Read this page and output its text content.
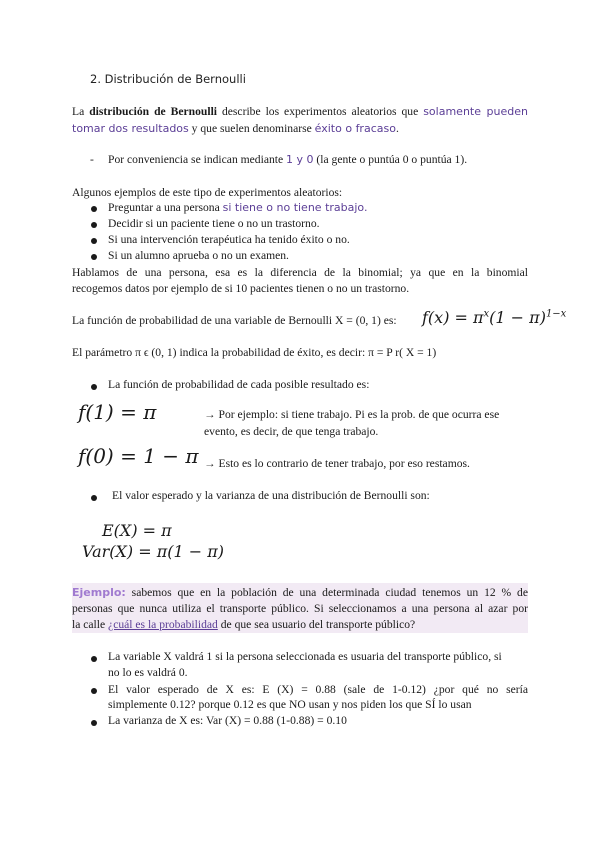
2. Distribución de Bernoulli
La distribución de Bernoulli describe los experimentos aleatorios que solamente pueden
tomar dos resultados y que suelen denominarse éxito o fracaso.
- Por conveniencia se indican mediante 1 y 0 (la gente o puntúa 0 o puntúa 1).
Algunos ejemplos de este tipo de experimentos aleatorios:
Preguntar a una persona si tiene o no tiene trabajo.
Decidir si un paciente tiene o no un trastorno.
Si una intervención terapéutica ha tenido éxito o no.
Si un alumno aprueba o no un examen.
Hablamos de una persona, esa es la diferencia de la binomial; ya que en la binomial
recogemos datos por ejemplo de si 10 pacientes tienen o no un trastorno.
La función de probabilidad de una variable de Bernoulli X = (0, 1) es: $f(x) = \pi^x(1 - \pi)^{1-x}$
El parámetro π ϵ (0, 1) indica la probabilidad de éxito, es decir: π = P r( X = 1)
La función de probabilidad de cada posible resultado es:
f(1) = π	→ Por ejemplo: si tiene trabajo. Pi es la prob. de que ocurra ese
evento, es decir, de que tenga trabajo.
f(0) = 1 − π → Esto es lo contrario de tener trabajo, por eso restamos.
El valor esperado y la varianza de una distribución de Bernoulli son:
E(X) = π
Var(X) = π(1 − π)
Ejemplo: sabemos que en la población de una determinada ciudad tenemos un 12 % de
personas que nunca utiliza el transporte público. Si seleccionamos a una persona al azar por
la calle ¿cuál es la probabilidad de que sea usuario del transporte público?
La variable X valdrá 1 si la persona seleccionada es usuaria del transporte público, si
no lo es valdrá 0.
El valor esperado de X es: E (X) = 0.88 (sale de 1-0.12) ¿por qué no sería
simplemente 0.12? porque 0.12 es que NO usan y nos piden los que SÍ lo usan
La varianza de X es: Var (X) = 0.88 (1-0.88) = 0.10
